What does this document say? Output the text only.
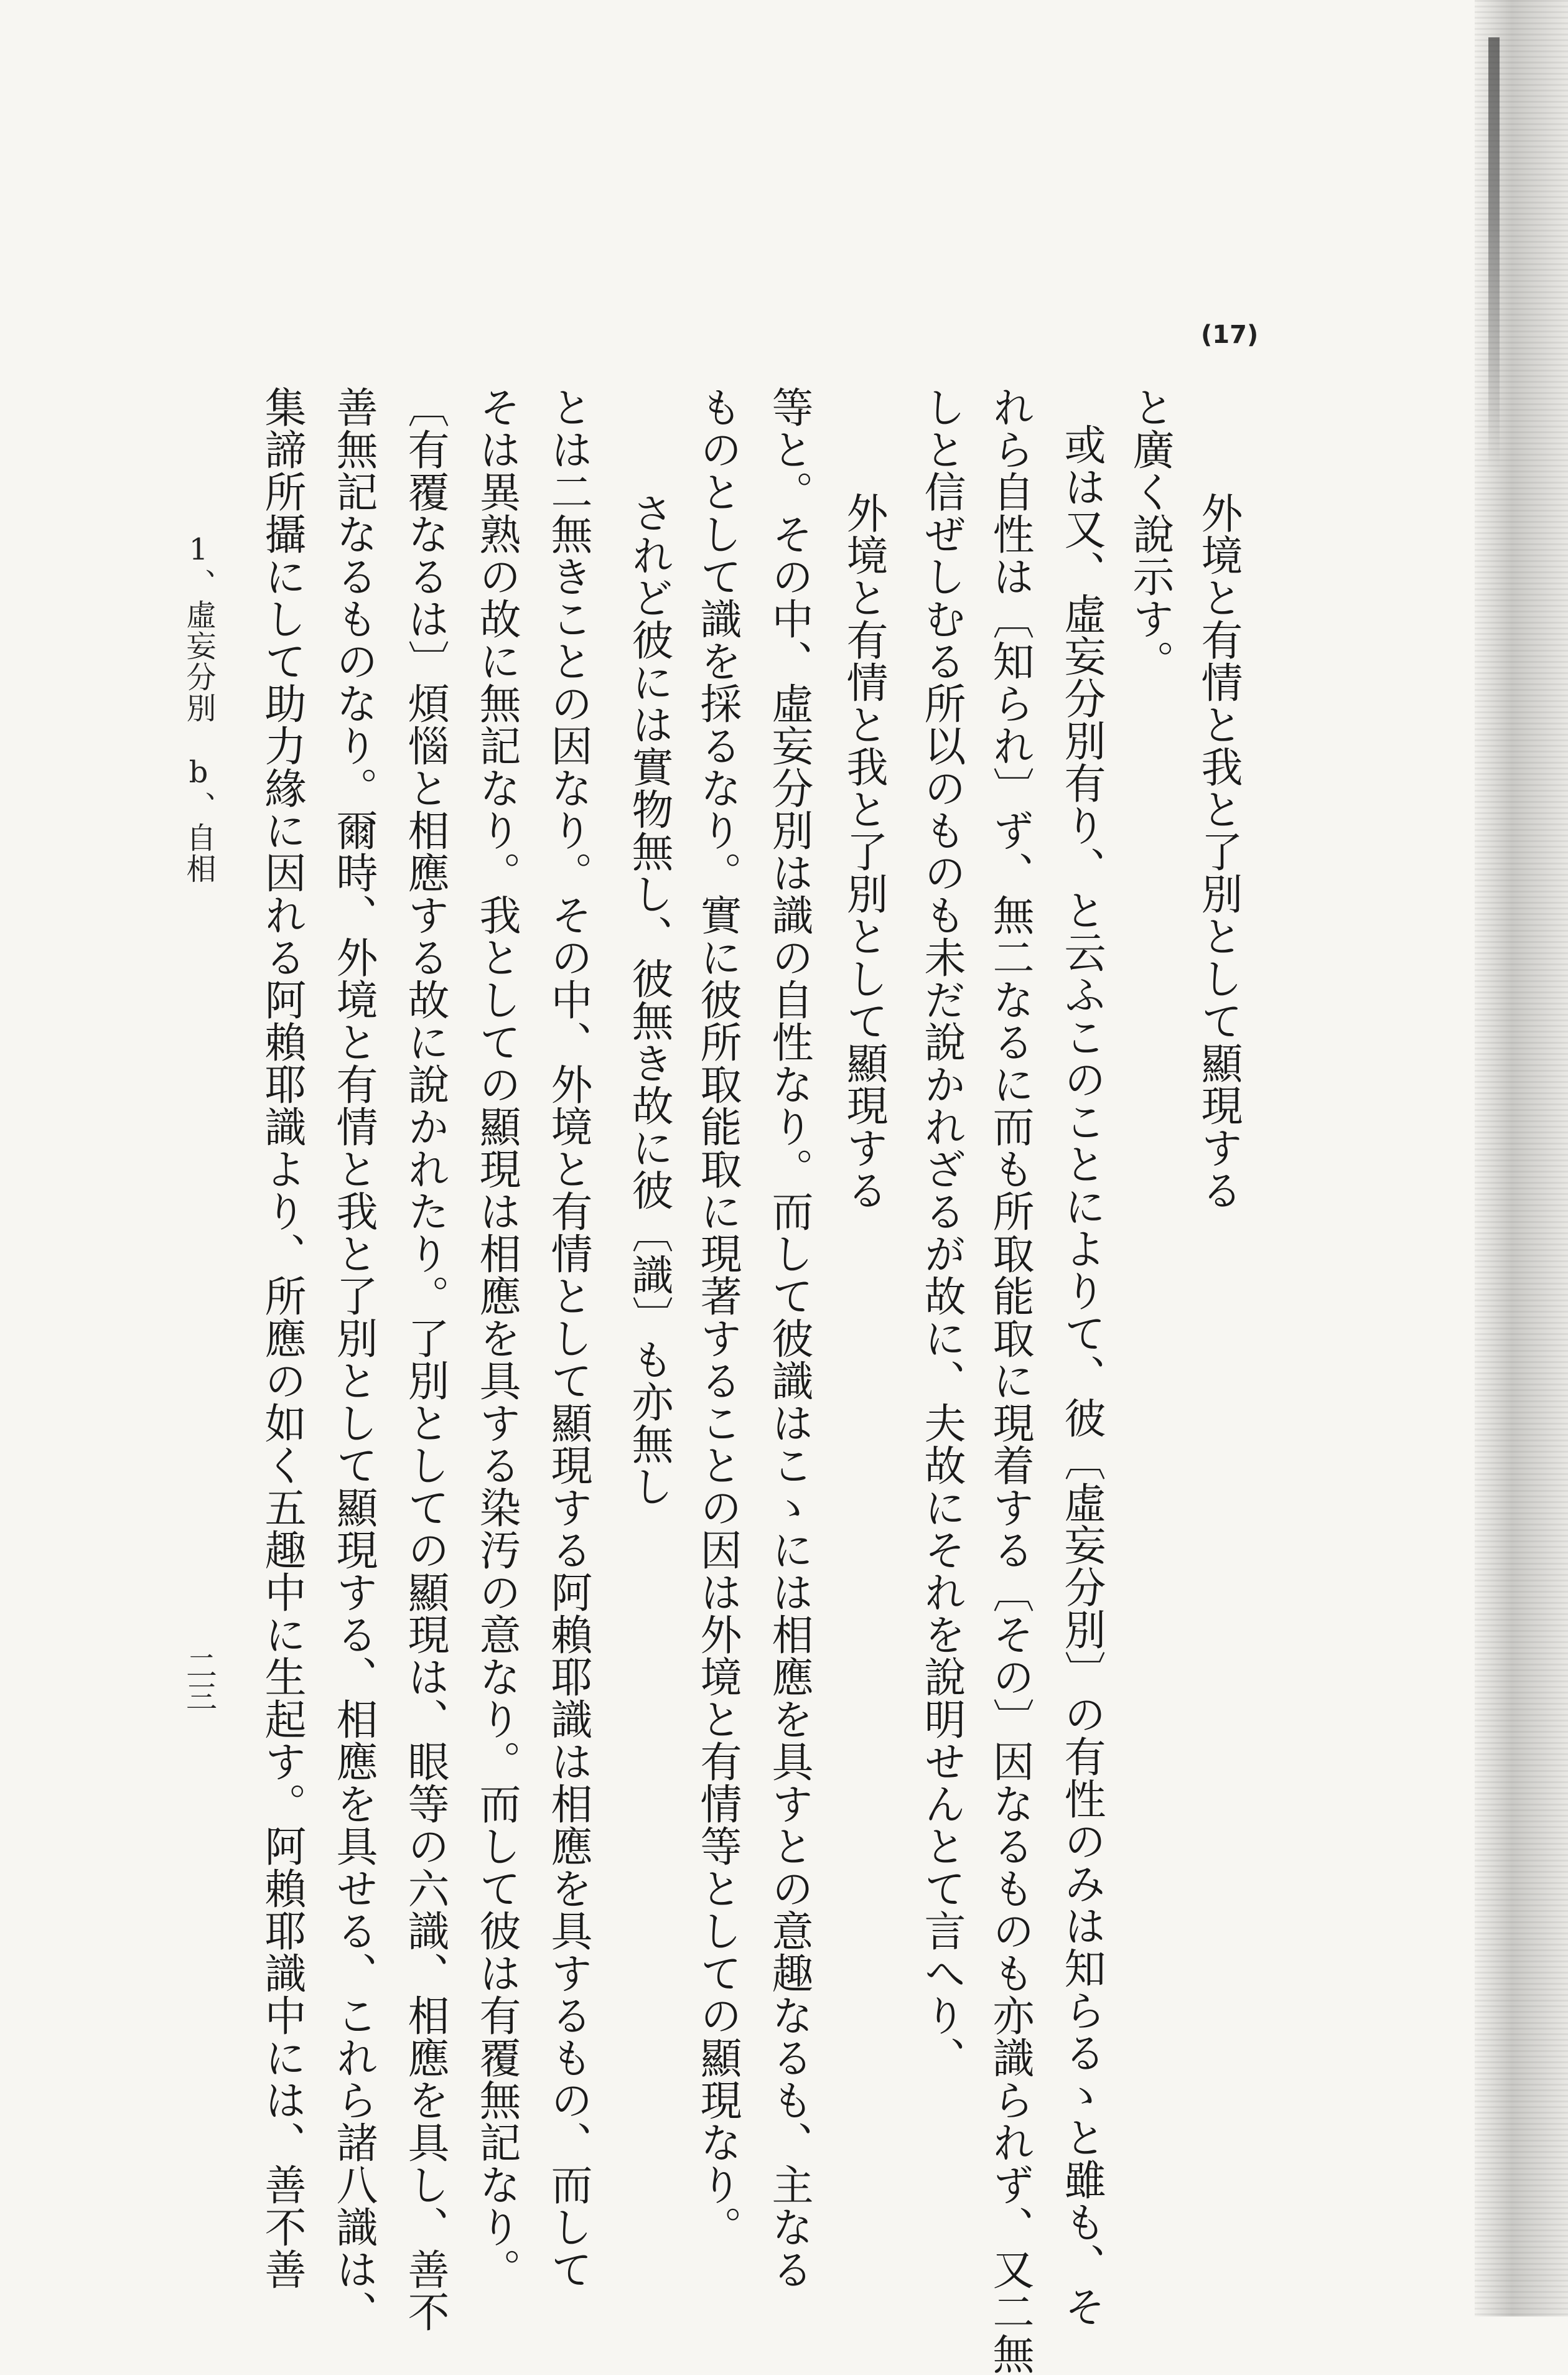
(17)
外境と有情と我と了別として顯現する
と廣く說示す。
或は又、虛妄分別有り、と云ふこのことによりて、彼〔虛妄分別〕の有性のみは知らるゝと雖も、そ
れら自性は〔知られ〕ず、無二なるに而も所取能取に現着する〔その〕因なるものも亦識られず、又二無
しと信ぜしむる所以のものも未だ說かれざるが故に、夫故にそれを說明せんとて言へり、
外境と有情と我と了別として顯現する
等と。その中、虛妄分別は識の自性なり。而して彼識はこゝには相應を具すとの意趣なるも、主なる
ものとして識を採るなり。實に彼所取能取に現著することの因は外境と有情等としての顯現なり。
されど彼には實物無し、彼無き故に彼〔識〕も亦無し
とは二無きことの因なり。その中、外境と有情として顯現する阿賴耶識は相應を具するもの、而して
そは異熟の故に無記なり。我としての顯現は相應を具する染汚の意なり。而して彼は有覆無記なり。
〔有覆なるは〕煩惱と相應する故に說かれたり。了別としての顯現は、眼等の六識、相應を具し、善不
善無記なるものなり。爾時、外境と有情と我と了別として顯現する、相應を具せる、これら諸八識は、
集諦所攝にして助力緣に因れる阿賴耶識より、所應の如く五趣中に生起す。阿賴耶識中には、善不善
1、虛妄分別　b、自相
二三
